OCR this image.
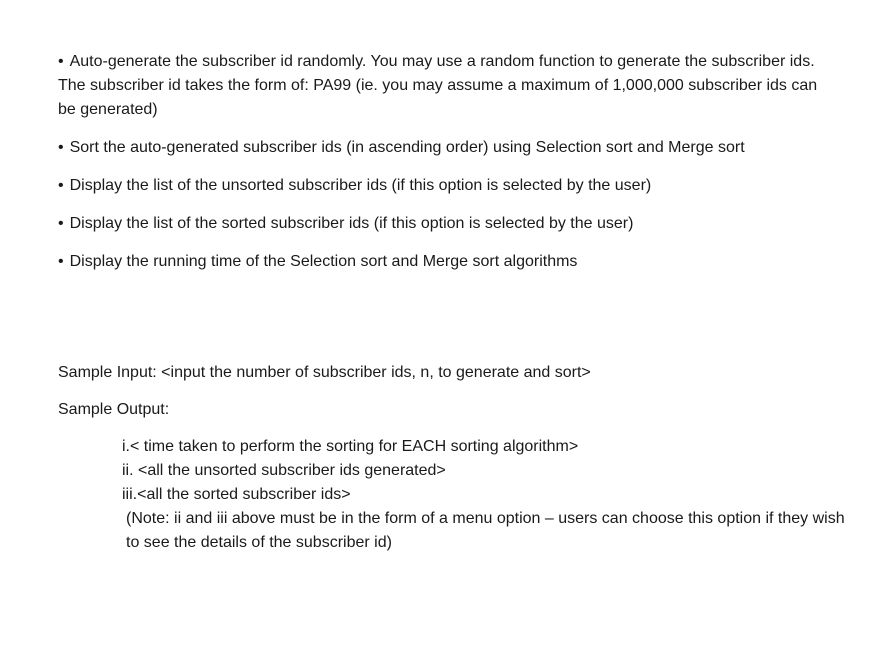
• Auto-generate the subscriber id randomly. You may use a random function to generate the subscriber ids. The subscriber id takes the form of: PA99 (ie. you may assume a maximum of 1,000,000 subscriber ids can be generated)
• Sort the auto-generated subscriber ids (in ascending order) using Selection sort and Merge sort
• Display the list of the unsorted subscriber ids (if this option is selected by the user)
• Display the list of the sorted subscriber ids (if this option is selected by the user)
• Display the running time of the Selection sort and Merge sort algorithms

Sample Input: <input the number of subscriber ids, n, to generate and sort>

Sample Output:

i.< time taken to perform the sorting for EACH sorting algorithm>

ii. <all the unsorted subscriber ids generated>

iii.<all the sorted subscriber ids>

(Note: ii and iii above must be in the form of a menu option – users can choose this option if they wish to see the details of the subscriber id)
